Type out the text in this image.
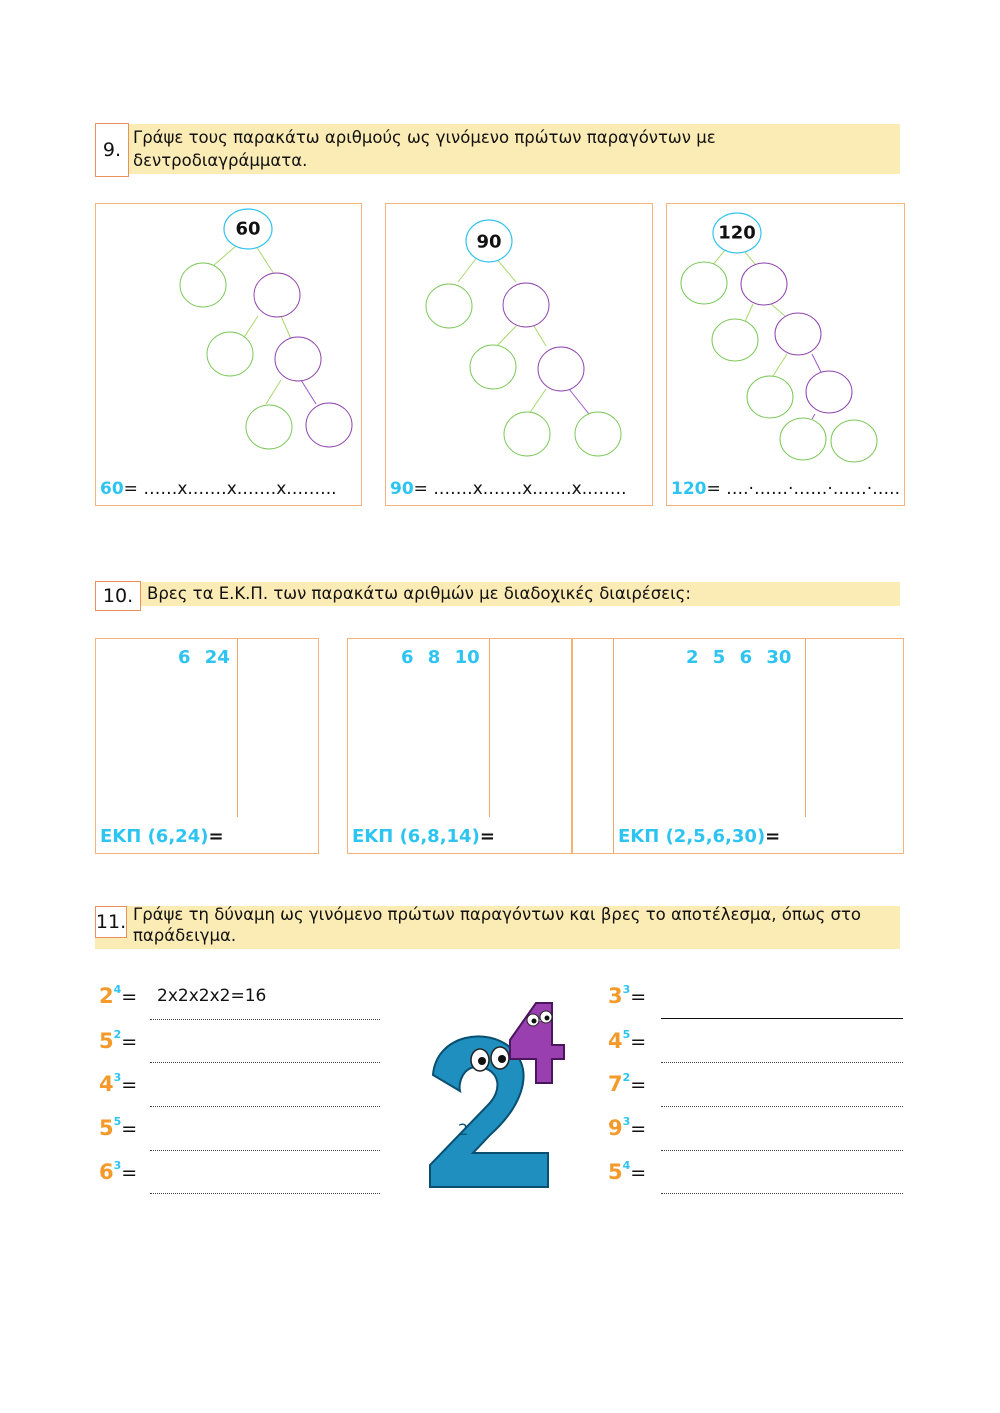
9.
Γράψε τους παρακάτω αριθμούς ως γινόμενο πρώτων παραγόντων με δεντροδιαγράμματα.
60
60= ……x.……x.……x.……..
90
90= .……x.……x.……x.…….
120
120= ….·……·……·……·…..
10. Βρες τα Ε.Κ.Π. των παρακάτω αριθμών με διαδοχικές διαιρέσεις:
6 24
ΕΚΠ (6,24)=
6 8 10
ΕΚΠ (6,8,14)=
2 5 6 30
ΕΚΠ (2,5,6,30)=
11. Γράψε τη δύναμη ως γινόμενο πρώτων παραγόντων και βρες το αποτέλεσμα, όπως στο παράδειγμα.
$2^4= 2x2x2x2=16$
$5^2=$
$4^3=$
$5^5=$
$6^3=$
$3^3=$
$4^5=$
$7^2=$
$9^3=$
$5^4=$
2
